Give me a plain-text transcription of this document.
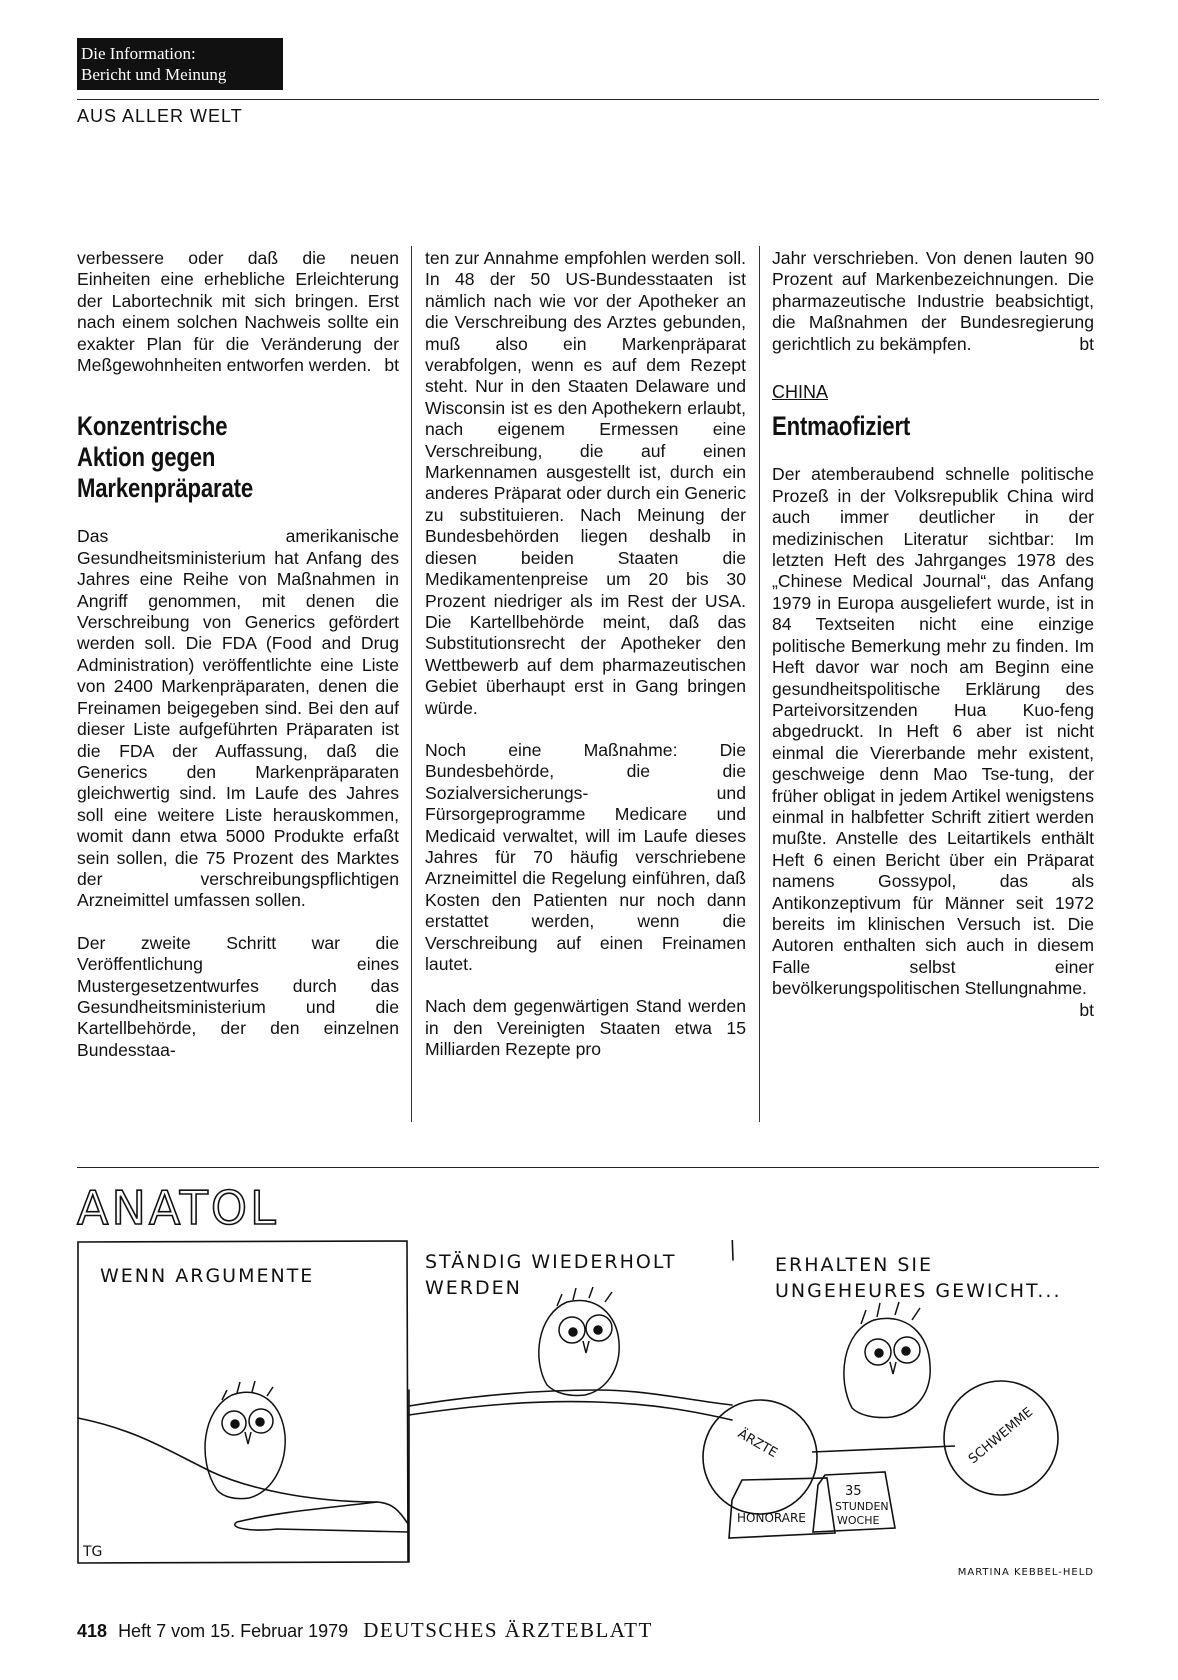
Die Information:
Bericht und Meinung
AUS ALLER WELT

verbessere oder daß die neuen Einheiten eine erhebliche Erleichterung der Labortechnik mit sich bringen. Erst nach einem solchen Nachweis sollte ein exakter Plan für die Veränderung der Meßgewohnheiten entworfen werden. bt

Konzentrische
Aktion gegen
Markenpräparate

Das amerikanische Gesundheitsministerium hat Anfang des Jahres eine Reihe von Maßnahmen in Angriff genommen, mit denen die Verschreibung von Generics gefördert werden soll. Die FDA (Food and Drug Administration) veröffentlichte eine Liste von 2400 Markenpräparaten, denen die Freinamen beigegeben sind. Bei den auf dieser Liste aufgeführten Präparaten ist die FDA der Auffassung, daß die Generics den Markenpräparaten gleichwertig sind. Im Laufe des Jahres soll eine weitere Liste herauskommen, womit dann etwa 5000 Produkte erfaßt sein sollen, die 75 Prozent des Marktes der verschreibungspflichtigen Arzneimittel umfassen sollen.

Der zweite Schritt war die Veröffentlichung eines Mustergesetzentwurfes durch das Gesundheitsministerium und die Kartellbehörde, der den einzelnen Bundesstaa-

ten zur Annahme empfohlen werden soll. In 48 der 50 US-Bundesstaaten ist nämlich nach wie vor der Apotheker an die Verschreibung des Arztes gebunden, muß also ein Markenpräparat verabfolgen, wenn es auf dem Rezept steht. Nur in den Staaten Delaware und Wisconsin ist es den Apothekern erlaubt, nach eigenem Ermessen eine Verschreibung, die auf einen Markennamen ausgestellt ist, durch ein anderes Präparat oder durch ein Generic zu substituieren. Nach Meinung der Bundesbehörden liegen deshalb in diesen beiden Staaten die Medikamentenpreise um 20 bis 30 Prozent niedriger als im Rest der USA. Die Kartellbehörde meint, daß das Substitutionsrecht der Apotheker den Wettbewerb auf dem pharmazeutischen Gebiet überhaupt erst in Gang bringen würde.

Noch eine Maßnahme: Die Bundesbehörde, die die Sozialversicherungs- und Fürsorgeprogramme Medicare und Medicaid verwaltet, will im Laufe dieses Jahres für 70 häufig verschriebene Arzneimittel die Regelung einführen, daß Kosten den Patienten nur noch dann erstattet werden, wenn die Verschreibung auf einen Freinamen lautet.

Nach dem gegenwärtigen Stand werden in den Vereinigten Staaten etwa 15 Milliarden Rezepte pro

Jahr verschrieben. Von denen lauten 90 Prozent auf Markenbezeichnungen. Die pharmazeutische Industrie beabsichtigt, die Maßnahmen der Bundesregierung gerichtlich zu bekämpfen.	bt

CHINA
Entmaofiziert

Der atemberaubend schnelle politische Prozeß in der Volksrepublik China wird auch immer deutlicher in der medizinischen Literatur sichtbar: Im letzten Heft des Jahrganges 1978 des „Chinese Medical Journal“, das Anfang 1979 in Europa ausgeliefert wurde, ist in 84 Textseiten nicht eine einzige politische Bemerkung mehr zu finden. Im Heft davor war noch am Beginn eine gesundheitspolitische Erklärung des Parteivorsitzenden Hua Kuo-feng abgedruckt. In Heft 6 aber ist nicht einmal die Viererbande mehr existent, geschweige denn Mao Tse-tung, der früher obligat in jedem Artikel wenigstens einmal in halbfetter Schrift zitiert werden mußte. Anstelle des Leitartikels enthält Heft 6 einen Bericht über ein Präparat namens Gossypol, das als Antikonzeptivum für Männer seit 1972 bereits im klinischen Versuch ist. Die Autoren enthalten sich auch in diesem Falle selbst einer bevölkerungspolitischen Stellungnahme.
bt

ANATOL
ÄRZTE	SCHWEMME
HONORARE
35
STUNDEN
WOCHE
TG
WENN ARGUMENTE
STÄNDIG WIEDERHOLT
WERDEN
ERHALTEN SIE
UNGEHEURES GEWICHT...
MARTINA KEBBEL-HELD
418 Heft 7 vom 15. Februar 1979 DEUTSCHES ÄRZTEBLATT
